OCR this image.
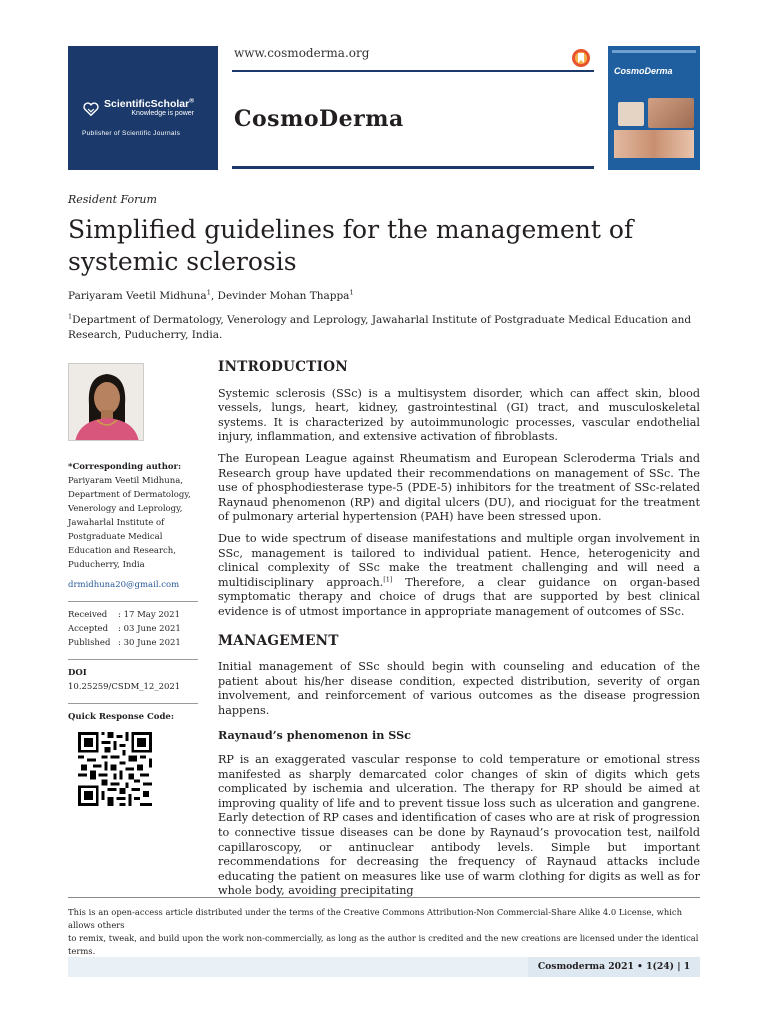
ScientificScholar®
Knowledge is power
Publisher of Scientific Journals
www.cosmoderma.org
CosmoDerma
CosmoDerma
Resident Forum
Simplified guidelines for the management of systemic sclerosis
Pariyaram Veetil Midhuna$^1$, Devinder Mohan Thappa$^1$
$^1$Department of Dermatology, Venerology and Leprology, Jawaharlal Institute of Postgraduate Medical Education and Research, Puducherry, India.
*Corresponding author:
Pariyaram Veetil Midhuna,
Department of Dermatology,
Venerology and Leprology,
Jawaharlal Institute of
Postgraduate Medical
Education and Research,
Puducherry, India
drmidhuna20@gmail.com
Received	: 17 May 2021
Accepted	: 03 June 2021
Published : 30 June 2021
DOI
10.25259/CSDM_12_2021
Quick Response Code:
INTRODUCTION

Systemic sclerosis (SSc) is a multisystem disorder, which can affect skin, blood vessels, lungs, heart, kidney, gastrointestinal (GI) tract, and musculoskeletal systems. It is characterized by autoimmunologic processes, vascular endothelial injury, inflammation, and extensive activation of fibroblasts.

The European League against Rheumatism and European Scleroderma Trials and Research group have updated their recommendations on management of SSc. The use of phosphodiesterase type-5 (PDE-5) inhibitors for the treatment of SSc-related Raynaud phenomenon (RP) and digital ulcers (DU), and riociguat for the treatment of pulmonary arterial hypertension (PAH) have been stressed upon.

Due to wide spectrum of disease manifestations and multiple organ involvement in SSc, management is tailored to individual patient. Hence, heterogenicity and clinical complexity of SSc make the treatment challenging and will need a multidisciplinary approach.[1] Therefore, a clear guidance on organ-based symptomatic therapy and choice of drugs that are supported by best clinical evidence is of utmost importance in appropriate management of outcomes of SSc.

MANAGEMENT

Initial management of SSc should begin with counseling and education of the patient about his/her disease condition, expected distribution, severity of organ involvement, and reinforcement of various outcomes as the disease progression happens.

Raynaud’s phenomenon in SSc

RP is an exaggerated vascular response to cold temperature or emotional stress manifested as sharply demarcated color changes of skin of digits which gets complicated by ischemia and ulceration. The therapy for RP should be aimed at improving quality of life and to prevent tissue loss such as ulceration and gangrene. Early detection of RP cases and identification of cases who are at risk of progression to connective tissue diseases can be done by Raynaud’s provocation test, nailfold capillaroscopy, or antinuclear antibody levels. Simple but important recommendations for decreasing the frequency of Raynaud attacks include educating the patient on measures like use of warm clothing for digits as well as for whole body, avoiding precipitating

This is an open-access article distributed under the terms of the Creative Commons Attribution-Non Commercial-Share Alike 4.0 License, which allows others
to remix, tweak, and build upon the work non-commercially, as long as the author is credited and the new creations are licensed under the identical terms.
Cosmoderma 2021 • 1(24) | 1
